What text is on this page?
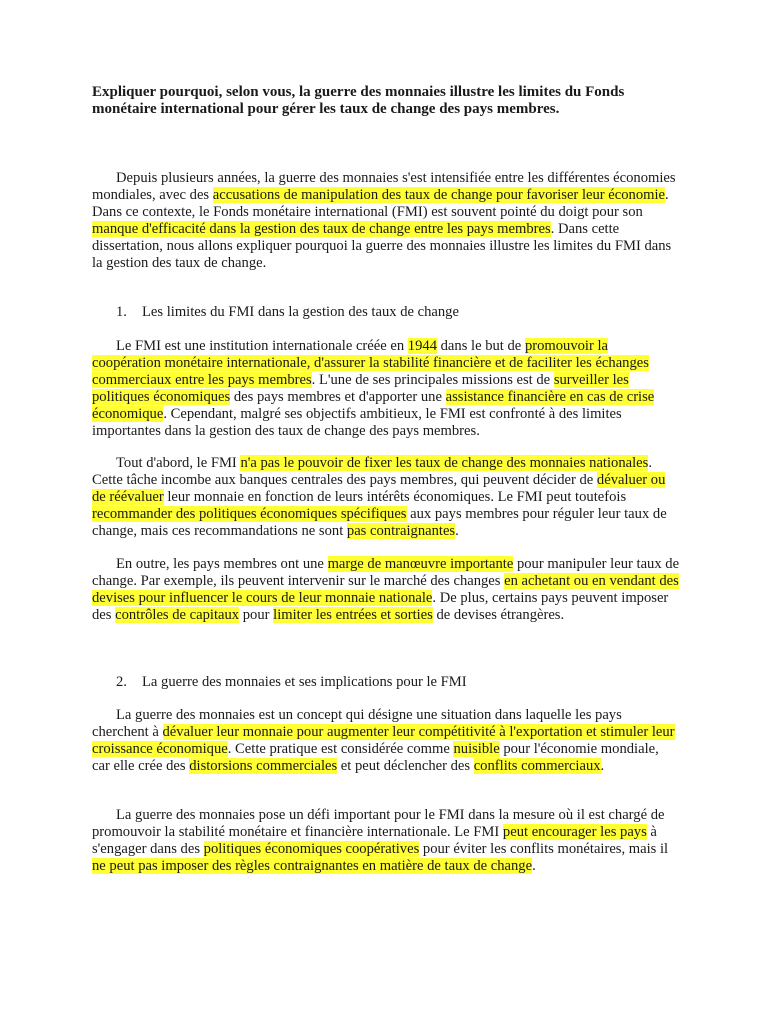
Expliquer pourquoi, selon vous, la guerre des monnaies illustre les limites du Fonds monétaire international pour gérer les taux de change des pays membres.
Depuis plusieurs années, la guerre des monnaies s'est intensifiée entre les différentes économies mondiales, avec des accusations de manipulation des taux de change pour favoriser leur économie. Dans ce contexte, le Fonds monétaire international (FMI) est souvent pointé du doigt pour son manque d'efficacité dans la gestion des taux de change entre les pays membres. Dans cette dissertation, nous allons expliquer pourquoi la guerre des monnaies illustre les limites du FMI dans la gestion des taux de change.
1. Les limites du FMI dans la gestion des taux de change
Le FMI est une institution internationale créée en 1944 dans le but de promouvoir la coopération monétaire internationale, d'assurer la stabilité financière et de faciliter les échanges commerciaux entre les pays membres. L'une de ses principales missions est de surveiller les politiques économiques des pays membres et d'apporter une assistance financière en cas de crise économique. Cependant, malgré ses objectifs ambitieux, le FMI est confronté à des limites importantes dans la gestion des taux de change des pays membres.
Tout d'abord, le FMI n'a pas le pouvoir de fixer les taux de change des monnaies nationales. Cette tâche incombe aux banques centrales des pays membres, qui peuvent décider de dévaluer ou de réévaluer leur monnaie en fonction de leurs intérêts économiques. Le FMI peut toutefois recommander des politiques économiques spécifiques aux pays membres pour réguler leur taux de change, mais ces recommandations ne sont pas contraignantes.
En outre, les pays membres ont une marge de manœuvre importante pour manipuler leur taux de change. Par exemple, ils peuvent intervenir sur le marché des changes en achetant ou en vendant des devises pour influencer le cours de leur monnaie nationale. De plus, certains pays peuvent imposer des contrôles de capitaux pour limiter les entrées et sorties de devises étrangères.
2. La guerre des monnaies et ses implications pour le FMI
La guerre des monnaies est un concept qui désigne une situation dans laquelle les pays cherchent à dévaluer leur monnaie pour augmenter leur compétitivité à l'exportation et stimuler leur croissance économique. Cette pratique est considérée comme nuisible pour l'économie mondiale, car elle crée des distorsions commerciales et peut déclencher des conflits commerciaux.
La guerre des monnaies pose un défi important pour le FMI dans la mesure où il est chargé de promouvoir la stabilité monétaire et financière internationale. Le FMI peut encourager les pays à s'engager dans des politiques économiques coopératives pour éviter les conflits monétaires, mais il ne peut pas imposer des règles contraignantes en matière de taux de change.
